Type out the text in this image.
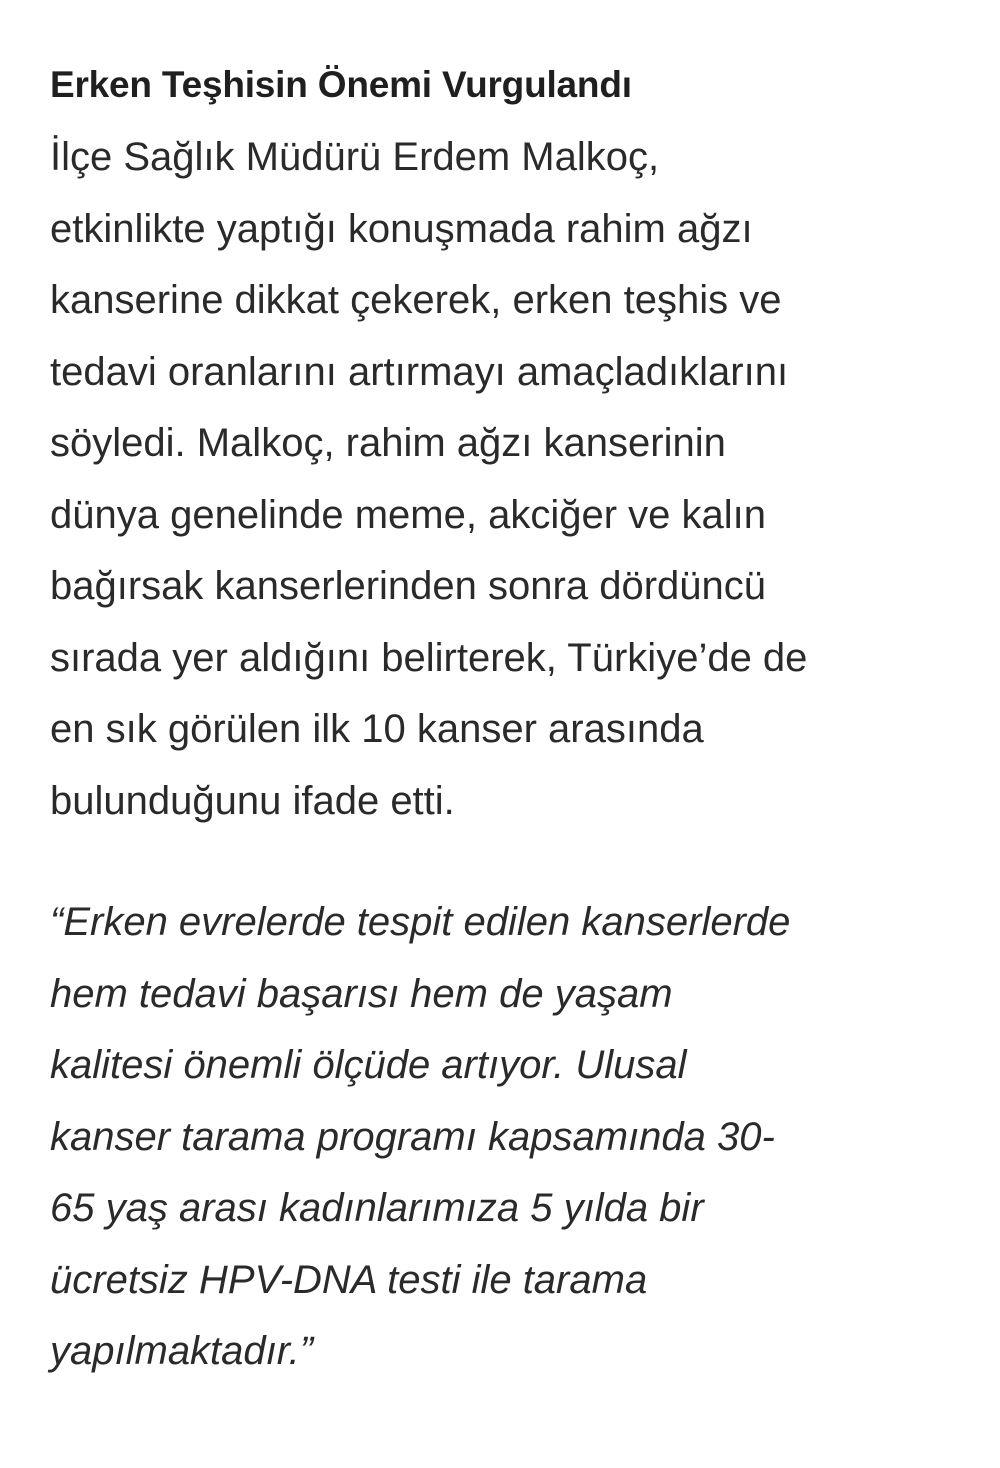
Erken Teşhisin Önemi Vurgulandı

İlçe Sağlık Müdürü Erdem Malkoç,
etkinlikte yaptığı konuşmada rahim ağzı
kanserine dikkat çekerek, erken teşhis ve
tedavi oranlarını artırmayı amaçladıklarını
söyledi. Malkoç, rahim ağzı kanserinin
dünya genelinde meme, akciğer ve kalın
bağırsak kanserlerinden sonra dördüncü
sırada yer aldığını belirterek, Türkiye’de de
en sık görülen ilk 10 kanser arasında
bulunduğunu ifade etti.

“Erken evrelerde tespit edilen kanserlerde
hem tedavi başarısı hem de yaşam
kalitesi önemli ölçüde artıyor. Ulusal
kanser tarama programı kapsamında 30-
65 yaş arası kadınlarımıza 5 yılda bir
ücretsiz HPV-DNA testi ile tarama
yapılmaktadır.”
